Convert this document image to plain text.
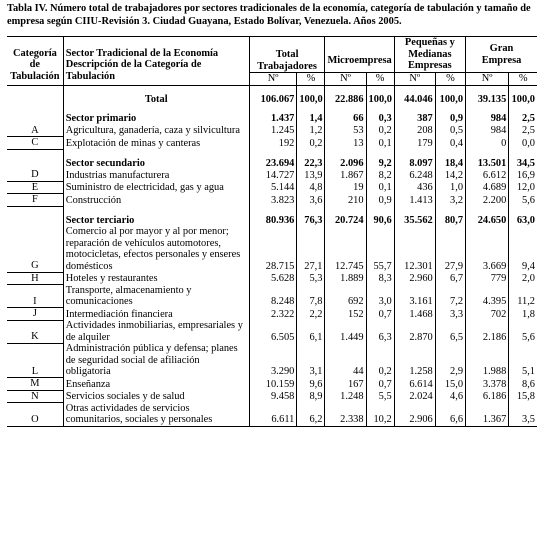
Tabla IV. Número total de trabajadores por sectores tradicionales de la economía, categoría de tabulación y tamaño de empresa según CIIU-Revisión 3. Ciudad Guayana, Estado Bolívar, Venezuela. Años 2005.
Categoría
de
Tabulación	Sector Tradicional de la Economía
Descripción de la Categoría de
Tabulación	Total Trabajadores		Microempresa		Pequeñas y Medianas Empresas		Gran Empresa	
		Nº	%	Nº	%	Nº	%	Nº	%

	Total	106.067	100,0	22.886	100,0	44.046	100,0	39.135	100,0

	Sector primario	1.437	1,4	66	0,3	387	0,9	984	2,5
A	Agricultura, ganadería, caza y silvicultura	1.245	1,2	53	0,2	208	0,5	984	2,5
C	Explotación de minas y canteras	192	0,2	13	0,1	179	0,4	0	0,0

	Sector secundario	23.694	22,3	2.096	9,2	8.097	18,4	13.501	34,5
D	Industrias manufacturera	14.727	13,9	1.867	8,2	6.248	14,2	6.612	16,9
E	Suministro de electricidad, gas y agua	5.144	4,8	19	0,1	436	1,0	4.689	12,0
F	Construcción	3.823	3,6	210	0,9	1.413	3,2	2.200	5,6

	Sector terciario	80.936	76,3	20.724	90,6	35.562	80,7	24.650	63,0
G	Comercio al por mayor y al por menor; reparación de vehículos automotores, motocicletas, efectos personales y enseres domésticos	28.715	27,1	12.745	55,7	12.301	27,9	3.669	9,4
H	Hoteles y restaurantes	5.628	5,3	1.889	8,3	2.960	6,7	779	2,0
I	Transporte, almacenamiento y comunicaciones	8.248	7,8	692	3,0	3.161	7,2	4.395	11,2
J	Intermediación financiera	2.322	2,2	152	0,7	1.468	3,3	702	1,8
K	Actividades inmobiliarias, empresariales y de alquiler	6.505	6,1	1.449	6,3	2.870	6,5	2.186	5,6
L	Administración pública y defensa; planes de seguridad social de afiliación obligatoria	3.290	3,1	44	0,2	1.258	2,9	1.988	5,1
M	Enseñanza	10.159	9,6	167	0,7	6.614	15,0	3.378	8,6
N	Servicios sociales y de salud	9.458	8,9	1.248	5,5	2.024	4,6	6.186	15,8
O	Otras actividades de servicios comunitarios, sociales y personales	6.611	6,2	2.338	10,2	2.906	6,6	1.367	3,5
